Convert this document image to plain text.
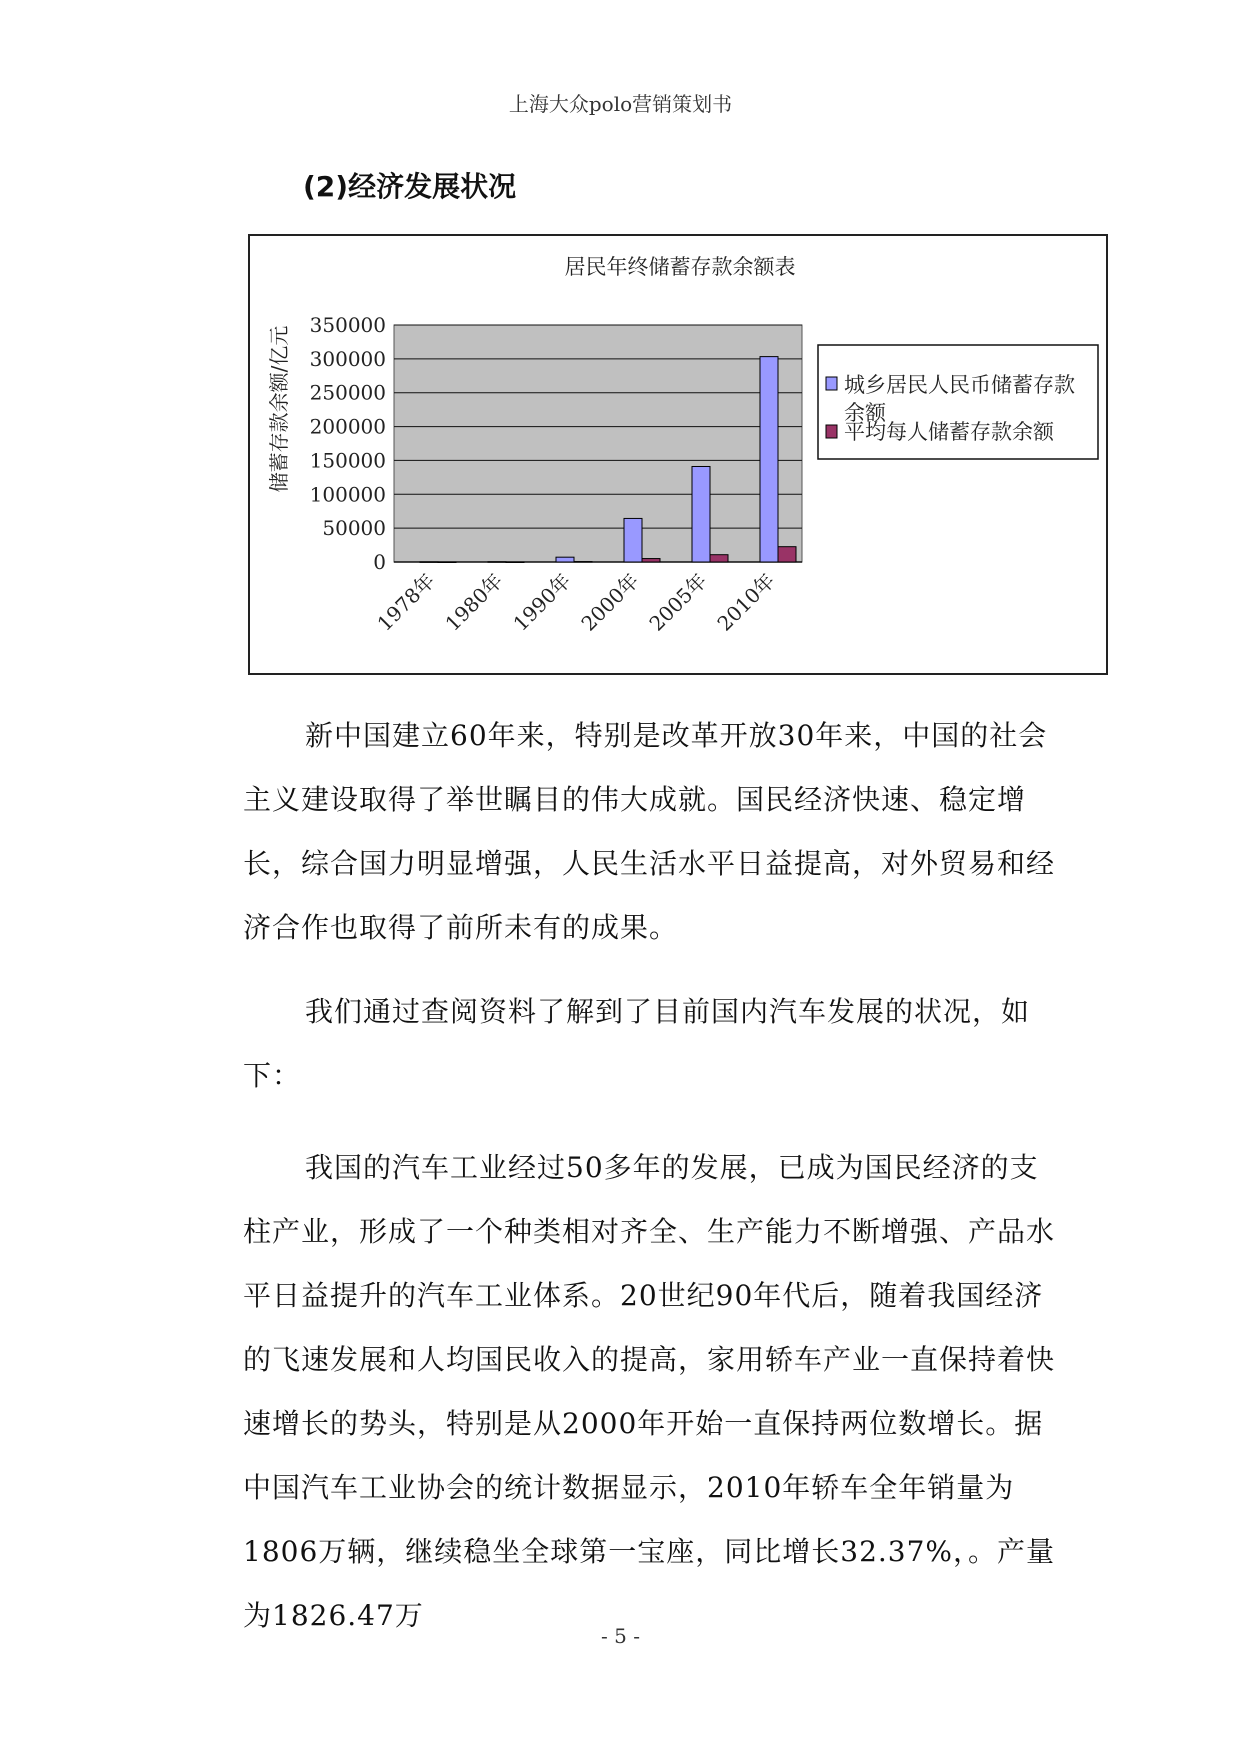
上海大众polo营销策划书
(2)经济发展状况
居民年终储蓄存款余额表
储蓄存款余额/亿元
350000
300000
250000
200000
150000
100000
50000
0
1978年 1980年 1990年 2000年 2005年 2010年
城乡居民人民币储蓄存款余额
平均每人储蓄存款余额

新中国建立60年来，特别是改革开放30年来，中国的社会主义建设取得了举世瞩目的伟大成就。国民经济快速、稳定增长，综合国力明显增强，人民生活水平日益提高，对外贸易和经济合作也取得了前所未有的成果。

我们通过查阅资料了解到了目前国内汽车发展的状况，如下：

我国的汽车工业经过50多年的发展，已成为国民经济的支柱产业，形成了一个种类相对齐全、生产能力不断增强、产品水平日益提升的汽车工业体系。20世纪90年代后，随着我国经济的飞速发展和人均国民收入的提高，家用轿车产业一直保持着快速增长的势头，特别是从2000年开始一直保持两位数增长。据中国汽车工业协会的统计数据显示，2010年轿车全年销量为1806万辆，继续稳坐全球第一宝座，同比增长32.37%，。产量为1826.47万

- 5 -
